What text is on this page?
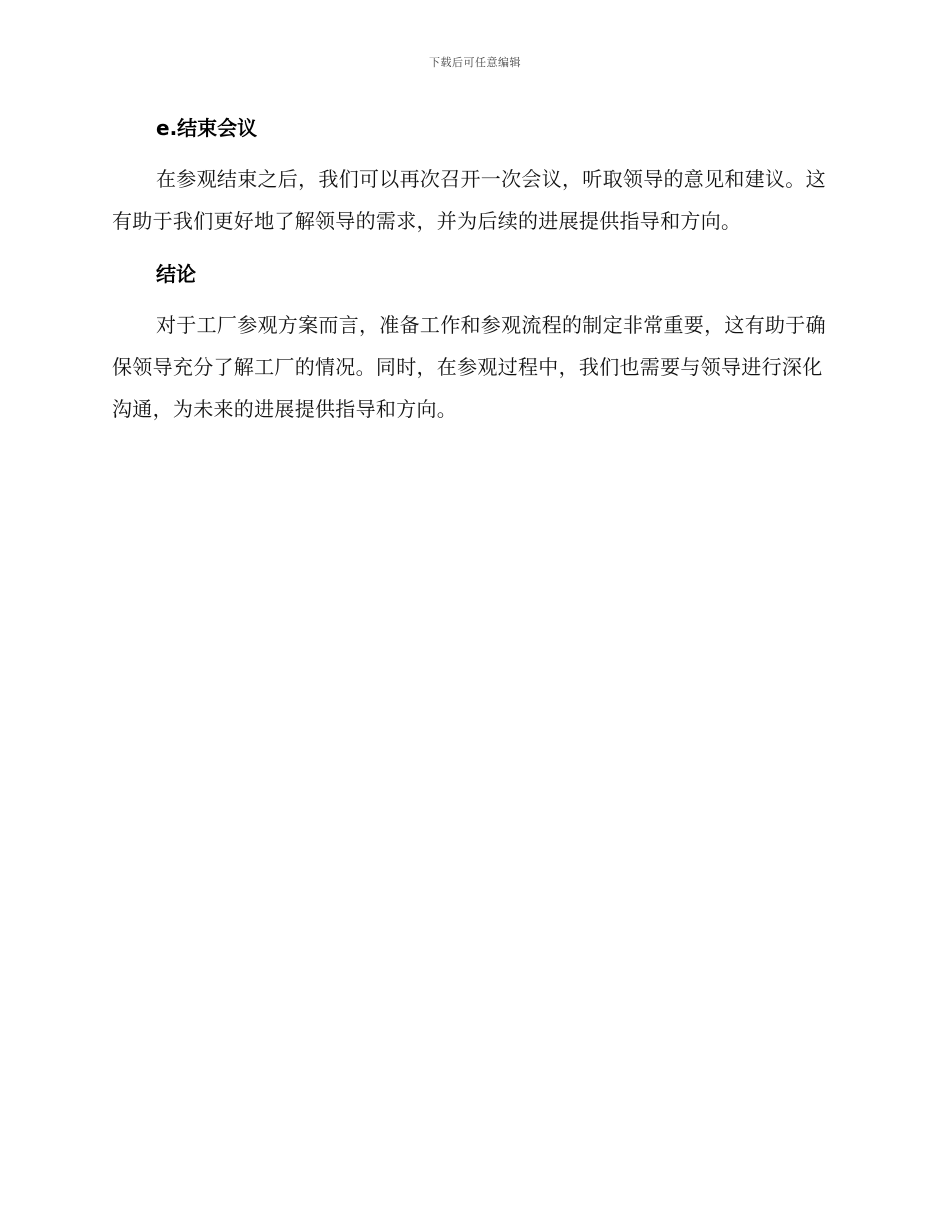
下载后可任意编辑
e.结束会议

在参观结束之后，我们可以再次召开一次会议，听取领导的意见和建议。这有助于我们更好地了解领导的需求，并为后续的进展提供指导和方向。

结论

对于工厂参观方案而言，准备工作和参观流程的制定非常重要，这有助于确保领导充分了解工厂的情况。同时，在参观过程中，我们也需要与领导进行深化沟通，为未来的进展提供指导和方向。
